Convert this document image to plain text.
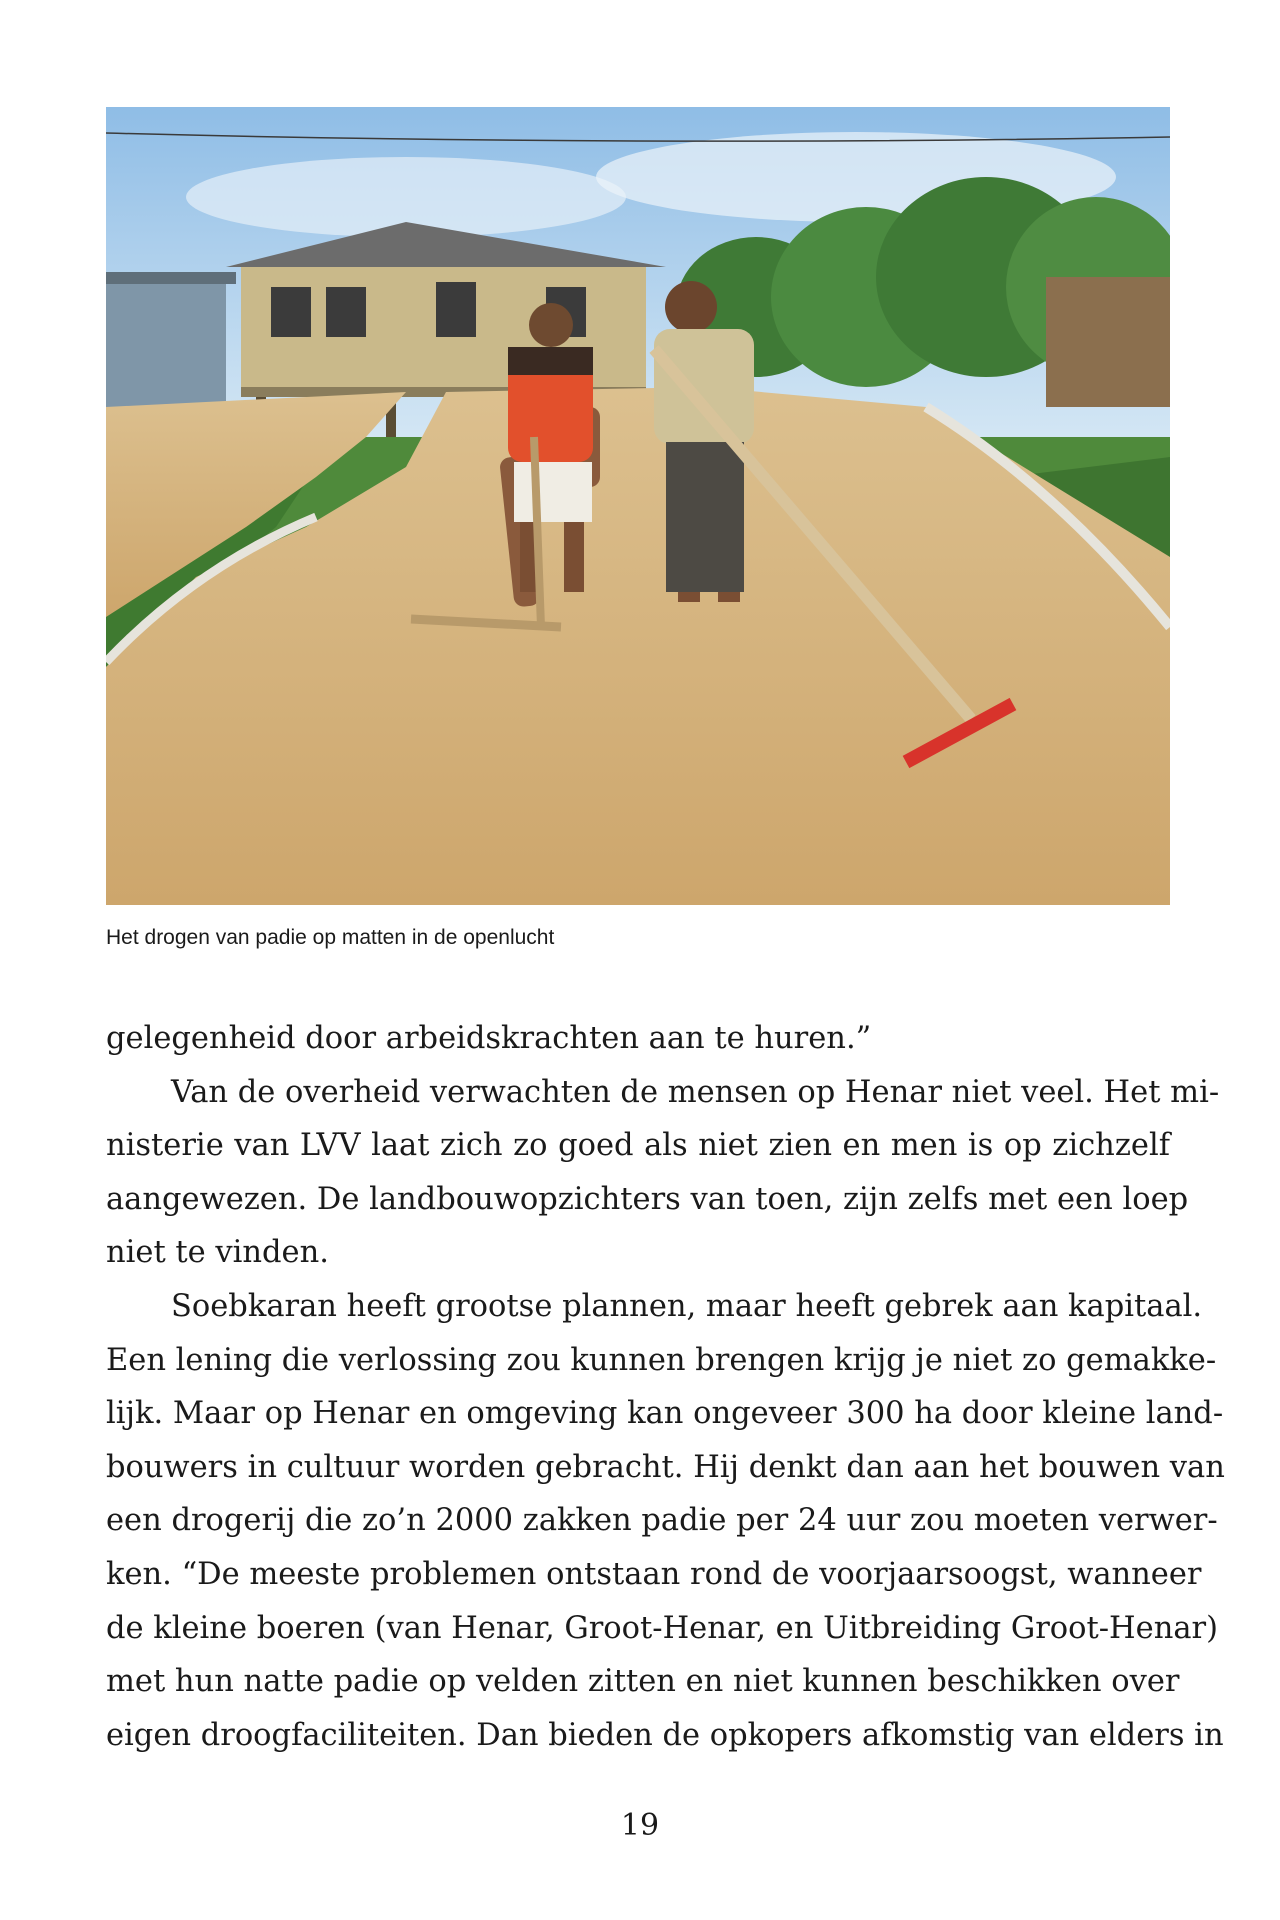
Het drogen van padie op matten in de openlucht
gelegenheid door arbeidskrachten aan te huren.”
Van de overheid verwachten de mensen op Henar niet veel. Het mi-
nisterie van LVV laat zich zo goed als niet zien en men is op zichzelf
aangewezen. De landbouwopzichters van toen, zijn zelfs met een loep
niet te vinden.
Soebkaran heeft grootse plannen, maar heeft gebrek aan kapitaal.
Een lening die verlossing zou kunnen brengen krijg je niet zo gemakke-
lijk. Maar op Henar en omgeving kan ongeveer 300 ha door kleine land-
bouwers in cultuur worden gebracht. Hij denkt dan aan het bouwen van
een drogerij die zo’n 2000 zakken padie per 24 uur zou moeten verwer-
ken. “De meeste problemen ontstaan rond de voorjaarsoogst, wanneer
de kleine boeren (van Henar, Groot-Henar, en Uitbreiding Groot-Henar)
met hun natte padie op velden zitten en niet kunnen beschikken over
eigen droogfaciliteiten. Dan bieden de opkopers afkomstig van elders in
19
